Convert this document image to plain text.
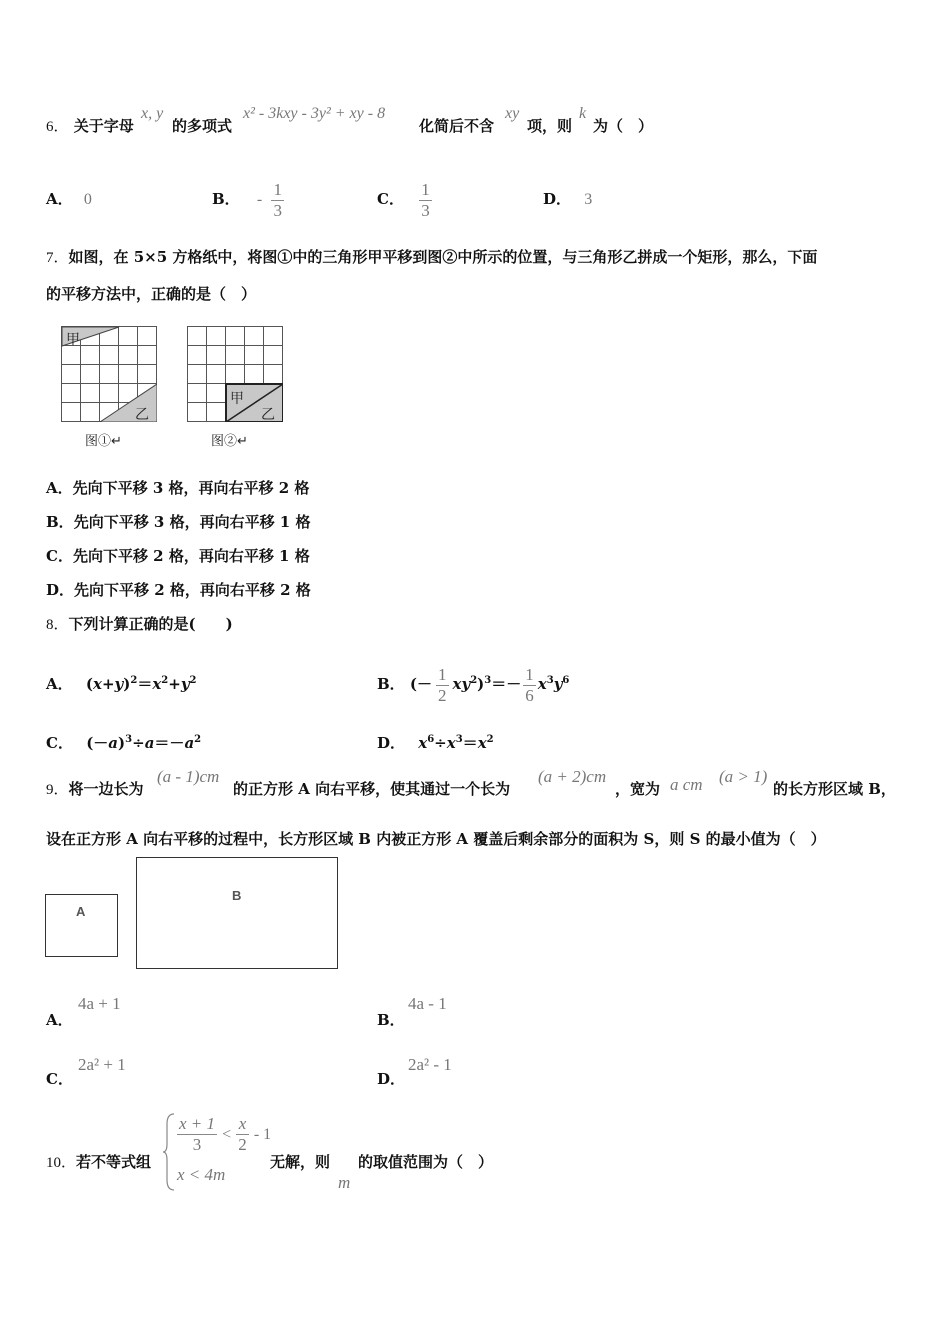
6． 关于字母
x, y
的多项式
x² - 3kxy - 3y² + xy - 8
化简后不含
xy
项，则
k
为（　）
A． 0	B． - $\frac{1}{3}$	C． $\frac{1}{3}$	D． 3
7．如图，在 5×5 方格纸中，将图①中的三角形甲平移到图②中所示的位置，与三角形乙拼成一个矩形，那么，下面
的平移方法中，正确的是（　）

甲
乙
图①↵

甲
乙
图②↵
A．先向下平移 3 格，再向右平移 2 格
B．先向下平移 3 格，再向右平移 1 格
C．先向下平移 2 格，再向右平移 1 格
D．先向下平移 2 格，再向右平移 2 格
8．下列计算正确的是(　　)
A． $(x+y)^2=x^2+y^2$	B． (－ $\frac{1}{2} xy^2)^3=- \frac{1}{6} x^3y^6$
C． $(-a)^3\div a=-a^2$	D． $x^6\div x^3=x^2$
9．将一边长为
(a - 1)cm
的正方形 A 向右平移，使其通过一个长为
(a + 2)cm
，宽为 a cm (a > 1)
的长方形区域 B，
设在正方形 A 向右平移的过程中，长方形区域 B 内被正方形 A 覆盖后剩余部分的面积为 S，则 S 的最小值为（　）
A
B
A．
4a + 1
B．
4a - 1
C．
2a² + 1
D．
2a² - 1
10．若不等式组
$\frac{x + 1}{3} < \frac{x}{2} - 1$
x < 4m
无解，则
m
的取值范围为（　）
